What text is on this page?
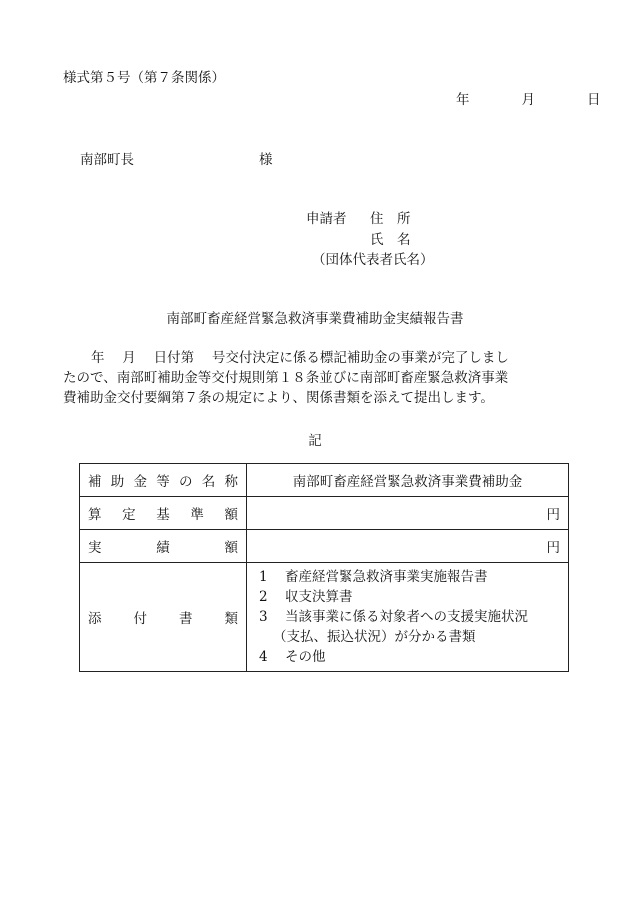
様式第５号（第７条関係）
年	月	日
南部町長	様
申請者 住　所
氏　名
（団体代表者氏名）
南部町畜産経営緊急救済事業費補助金実績報告書
年　 月　 日付第　 号交付決定に係る標記補助金の事業が完了しまし
たので、南部町補助金等交付規則第１８条並びに南部町畜産緊急救済事業
費補助金交付要綱第７条の規定により、関係書類を添えて提出します。
記
補助金等の名称	南部町畜産経営緊急救済事業費補助金
算定基準額	円
実績額	円
添付書類	1 畜産経営緊急救済事業実施報告書
2 収支決算書
3 当該事業に係る対象者への支援実施状況
（支払、振込状況）が分かる書類
4 その他
